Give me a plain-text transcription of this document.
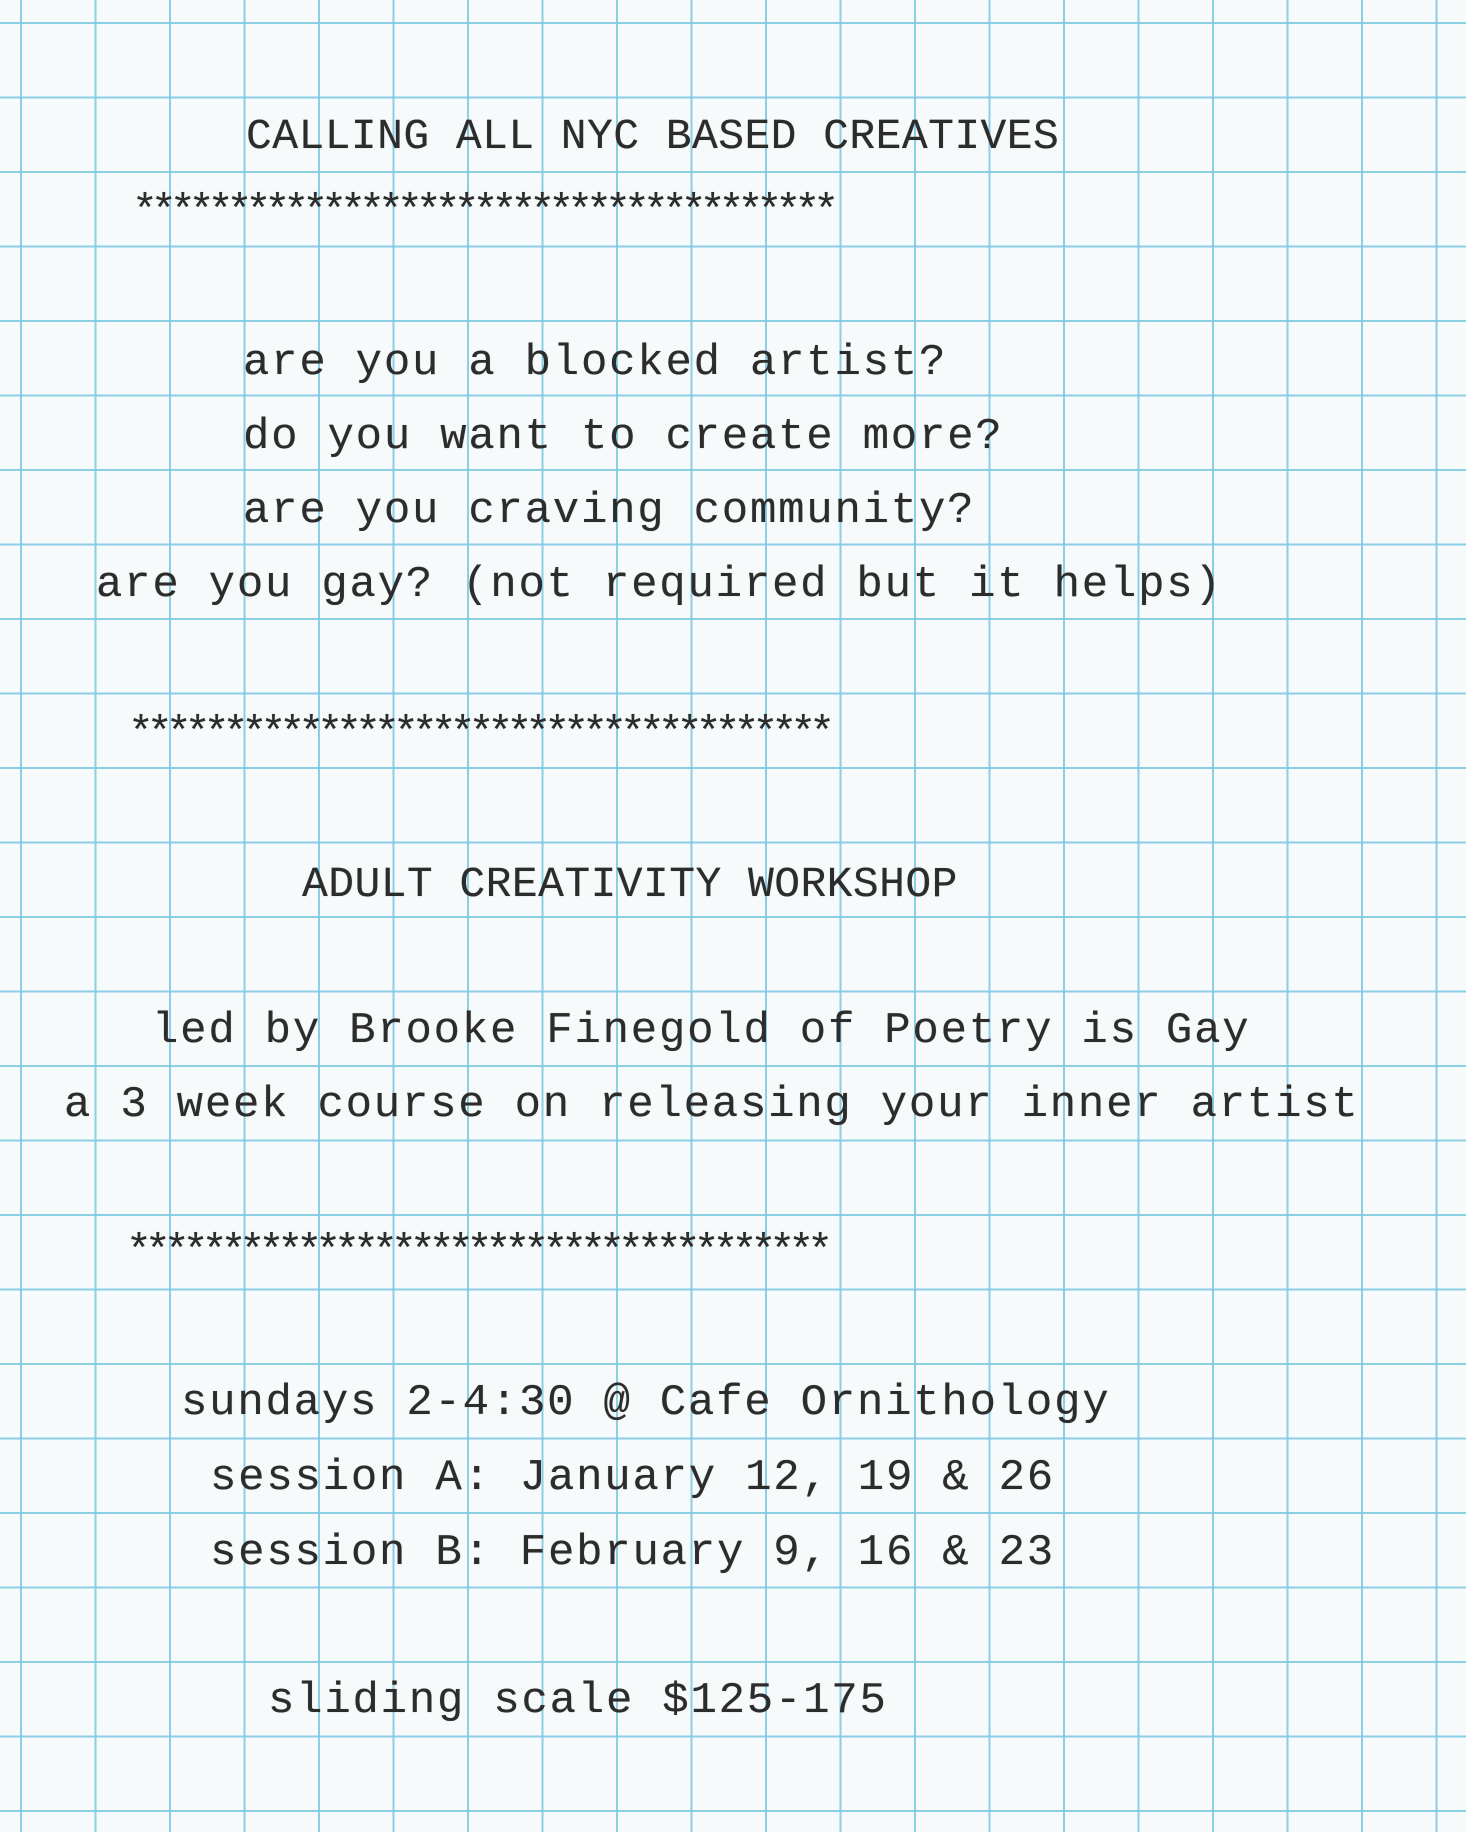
CALLING ALL NYC BASED CREATIVES
*************************************
are you a blocked artist?
do you want to create more?
are you craving community?
are you gay? (not required but it helps)
*************************************
ADULT CREATIVITY WORKSHOP
led by Brooke Finegold of Poetry is Gay
a 3 week course on releasing your inner artist
*************************************
sundays 2-4:30 @ Cafe Ornithology
session A: January 12, 19 & 26
session B: February 9, 16 & 23
sliding scale $125-175
